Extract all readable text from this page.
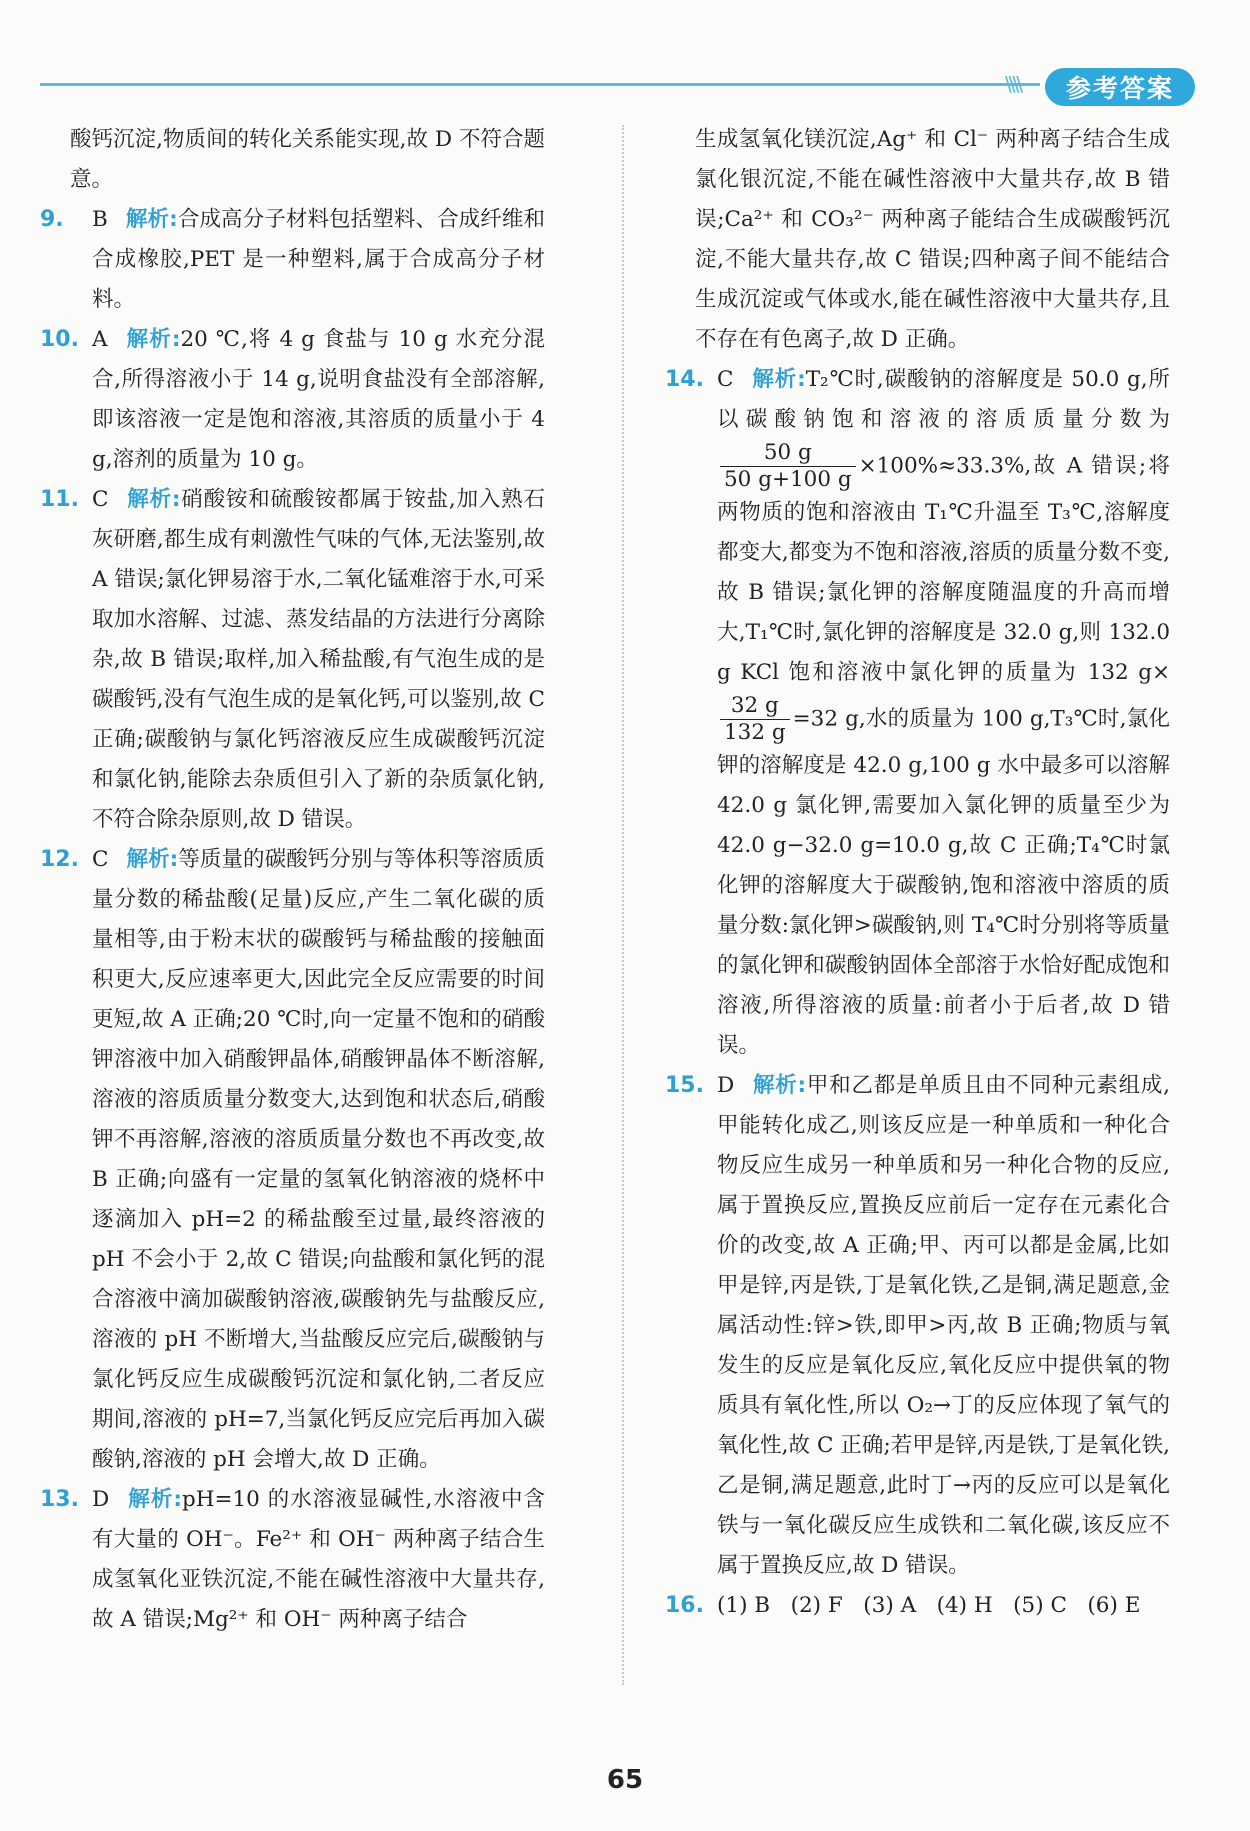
\\\\	参考答案

酸钙沉淀,物质间的转化关系能实现,故 D 不符合题意。

9. B 解析:合成高分子材料包括塑料、合成纤维和合成橡胶,PET 是一种塑料,属于合成高分子材料。
10. A 解析:20 ℃,将 4 g 食盐与 10 g 水充分混合,所得溶液小于 14 g,说明食盐没有全部溶解,即该溶液一定是饱和溶液,其溶质的质量小于 4 g,溶剂的质量为 10 g。
11. C 解析:硝酸铵和硫酸铵都属于铵盐,加入熟石灰研磨,都生成有刺激性气味的气体,无法鉴别,故 A 错误;氯化钾易溶于水,二氧化锰难溶于水,可采取加水溶解、过滤、蒸发结晶的方法进行分离除杂,故 B 错误;取样,加入稀盐酸,有气泡生成的是碳酸钙,没有气泡生成的是氧化钙,可以鉴别,故 C 正确;碳酸钠与氯化钙溶液反应生成碳酸钙沉淀和氯化钠,能除去杂质但引入了新的杂质氯化钠,不符合除杂原则,故 D 错误。
12. C 解析:等质量的碳酸钙分别与等体积等溶质质量分数的稀盐酸(足量)反应,产生二氧化碳的质量相等,由于粉末状的碳酸钙与稀盐酸的接触面积更大,反应速率更大,因此完全反应需要的时间更短,故 A 正确;20 ℃时,向一定量不饱和的硝酸钾溶液中加入硝酸钾晶体,硝酸钾晶体不断溶解,溶液的溶质质量分数变大,达到饱和状态后,硝酸钾不再溶解,溶液的溶质质量分数也不再改变,故 B 正确;向盛有一定量的氢氧化钠溶液的烧杯中逐滴加入 pH=2 的稀盐酸至过量,最终溶液的 pH 不会小于 2,故 C 错误;向盐酸和氯化钙的混合溶液中滴加碳酸钠溶液,碳酸钠先与盐酸反应,溶液的 pH 不断增大,当盐酸反应完后,碳酸钠与氯化钙反应生成碳酸钙沉淀和氯化钠,二者反应期间,溶液的 pH=7,当氯化钙反应完后再加入碳酸钠,溶液的 pH 会增大,故 D 正确。
13. D 解析:pH=10 的水溶液显碱性,水溶液中含有大量的 OH⁻。Fe²⁺ 和 OH⁻ 两种离子结合生成氢氧化亚铁沉淀,不能在碱性溶液中大量共存,故 A 错误;Mg²⁺ 和 OH⁻ 两种离子结合

生成氢氧化镁沉淀,Ag⁺ 和 Cl⁻ 两种离子结合生成氯化银沉淀,不能在碱性溶液中大量共存,故 B 错误;Ca²⁺ 和 CO₃²⁻ 两种离子能结合生成碳酸钙沉淀,不能大量共存,故 C 错误;四种离子间不能结合生成沉淀或气体或水,能在碱性溶液中大量共存,且不存在有色离子,故 D 正确。

14. C 解析:T₂℃时,碳酸钠的溶解度是 50.0 g,所以碳酸钠饱和溶液的溶质质量分数为
$\frac{50 g}{50 g+100 g} \times 100\%\approx 33.3\%$,故 A 错误;将两物质的饱和溶液由 T₁℃升温至 T₃℃,溶解度都变大,都变为不饱和溶液,溶质的质量分数不变,故 B 错误;氯化钾的溶解度随温度的升高而增大,T₁℃时,氯化钾的溶解度是 32.0 g,则 132.0 g KCl 饱和溶液中氯化钾的质量为 132 g×
$\frac{32 g}{132 g} =32$ g,水的质量为 100 g,T₃℃时,氯化钾的溶解度是 42.0 g,100 g 水中最多可以溶解 42.0 g 氯化钾,需要加入氯化钾的质量至少为 42.0 g−32.0 g=10.0 g,故 C 正确;T₄℃时氯化钾的溶解度大于碳酸钠,饱和溶液中溶质的质量分数:氯化钾>碳酸钠,则 T₄℃时分别将等质量的氯化钾和碳酸钠固体全部溶于水恰好配成饱和溶液,所得溶液的质量:前者小于后者,故 D 错误。
15. D 解析:甲和乙都是单质且由不同种元素组成,甲能转化成乙,则该反应是一种单质和一种化合物反应生成另一种单质和另一种化合物的反应,属于置换反应,置换反应前后一定存在元素化合价的改变,故 A 正确;甲、丙可以都是金属,比如甲是锌,丙是铁,丁是氧化铁,乙是铜,满足题意,金属活动性:锌>铁,即甲>丙,故 B 正确;物质与氧发生的反应是氧化反应,氧化反应中提供氧的物质具有氧化性,所以 O₂→丁的反应体现了氧气的氧化性,故 C 正确;若甲是锌,丙是铁,丁是氧化铁,乙是铜,满足题意,此时丁→丙的反应可以是氧化铁与一氧化碳反应生成铁和二氧化碳,该反应不属于置换反应,故 D 错误。
16. (1) B   (2) F   (3) A   (4) H   (5) C   (6) E
65
